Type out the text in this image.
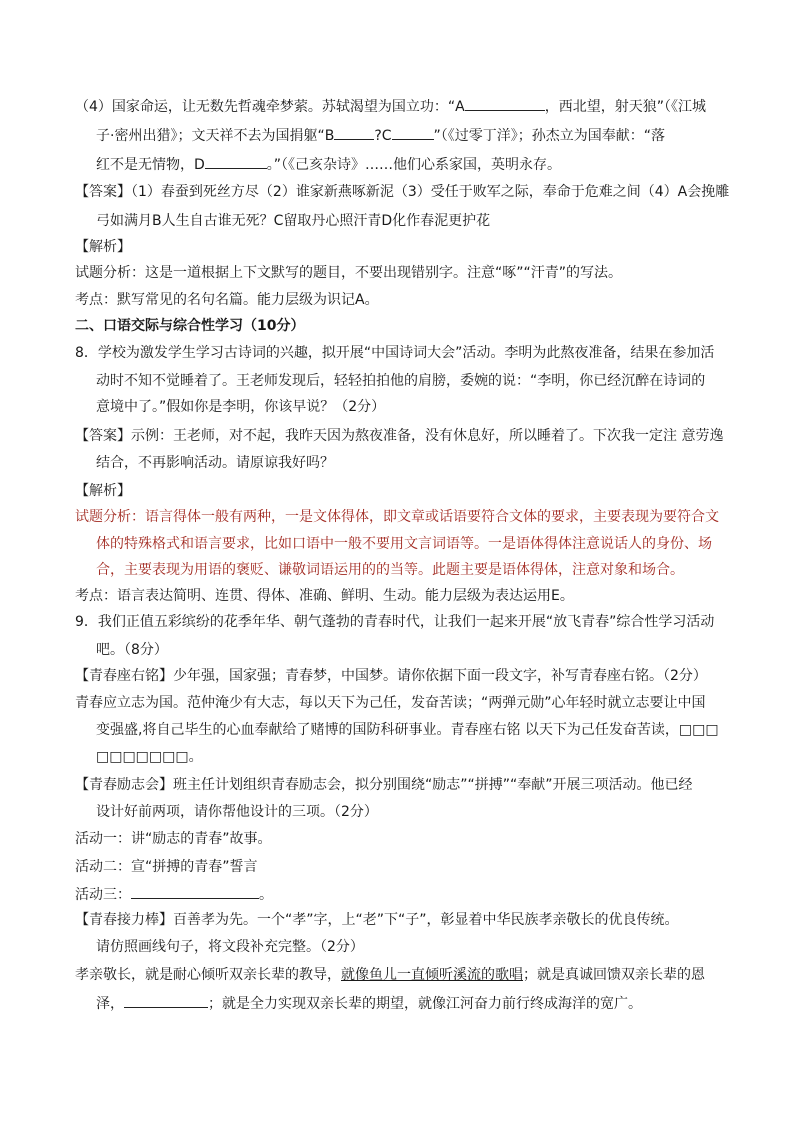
（4）国家命运，让无数先哲魂牵梦萦。苏轼渴望为国立功：“A	，西北望，射天狼”（《江城
子·密州出猎》；文天祥不去为国捐躯“B	?C	”（《过零丁洋》；孙杰立为国奉献：“落
红不是无情物，D	。”（《己亥杂诗》……他们心系家国，英明永存。
【答案】（1）春蚕到死丝方尽（2）谁家新燕啄新泥（3）受任于败军之际，奉命于危难之间（4）A会挽雕
弓如满月B人生自古谁无死？C留取丹心照汗青D化作春泥更护花
【解析】
试题分析：这是一道根据上下文默写的题目，不要出现错别字。注意“啄”“汗青”的写法。
考点：默写常见的名句名篇。能力层级为识记A。
二、口语交际与综合性学习（10分）
8．学校为激发学生学习古诗词的兴趣，拟开展“中国诗词大会”活动。李明为此熬夜准备，结果在参加活
动时不知不觉睡着了。王老师发现后，轻轻拍拍他的肩膀，委婉的说：“李明，你已经沉醉在诗词的
意境中了。”假如你是李明，你该早说？（2分）
【答案】示例：王老师，对不起，我昨天因为熬夜准备，没有休息好，所以睡着了。下次我一定注 意劳逸
结合，不再影响活动。请原谅我好吗？
【解析】
试题分析：语言得体一般有两种，一是文体得体，即文章或话语要符合文体的要求，主要表现为要符合文
体的特殊格式和语言要求，比如口语中一般不要用文言词语等。一是语体得体注意说话人的身份、场
合，主要表现为用语的褒贬、谦敬词语运用的的当等。此题主要是语体得体，注意对象和场合。
考点：语言表达简明、连贯、得体、准确、鲜明、生动。能力层级为表达运用E。
9．我们正值五彩缤纷的花季年华、朝气蓬勃的青春时代，让我们一起来开展“放飞青春”综合性学习活动
吧。（8分）
【青春座右铭】少年强，国家强；青春梦，中国梦。请你依据下面一段文字，补写青春座右铭。（2分）
青春应立志为国。范仲淹少有大志，每以天下为己任，发奋苦读；“两弹元勋”心年轻时就立志要让中国
变强盛,将自己毕生的心血奉献给了赌博的国防科研事业。青春座右铭 以天下为己任发奋苦读，□□□
□□□□□□□。
【青春励志会】班主任计划组织青春励志会，拟分别围绕“励志”“拼搏”“奉献”开展三项活动。他已经
设计好前两项，请你帮他设计的三项。（2分）
活动一：讲“励志的青春”故事。
活动二：宣“拼搏的青春”誓言
活动三：	。
【青春接力棒】百善孝为先。一个“孝”字，上“老”下“子”，彰显着中华民族孝亲敬长的优良传统。
请仿照画线句子，将文段补充完整。（2分）
孝亲敬长，就是耐心倾听双亲长辈的教导，就像鱼儿一直倾听溪流的歌唱；就是真诚回馈双亲长辈的恩
泽，	；就是全力实现双亲长辈的期望，就像江河奋力前行终成海洋的宽广。
